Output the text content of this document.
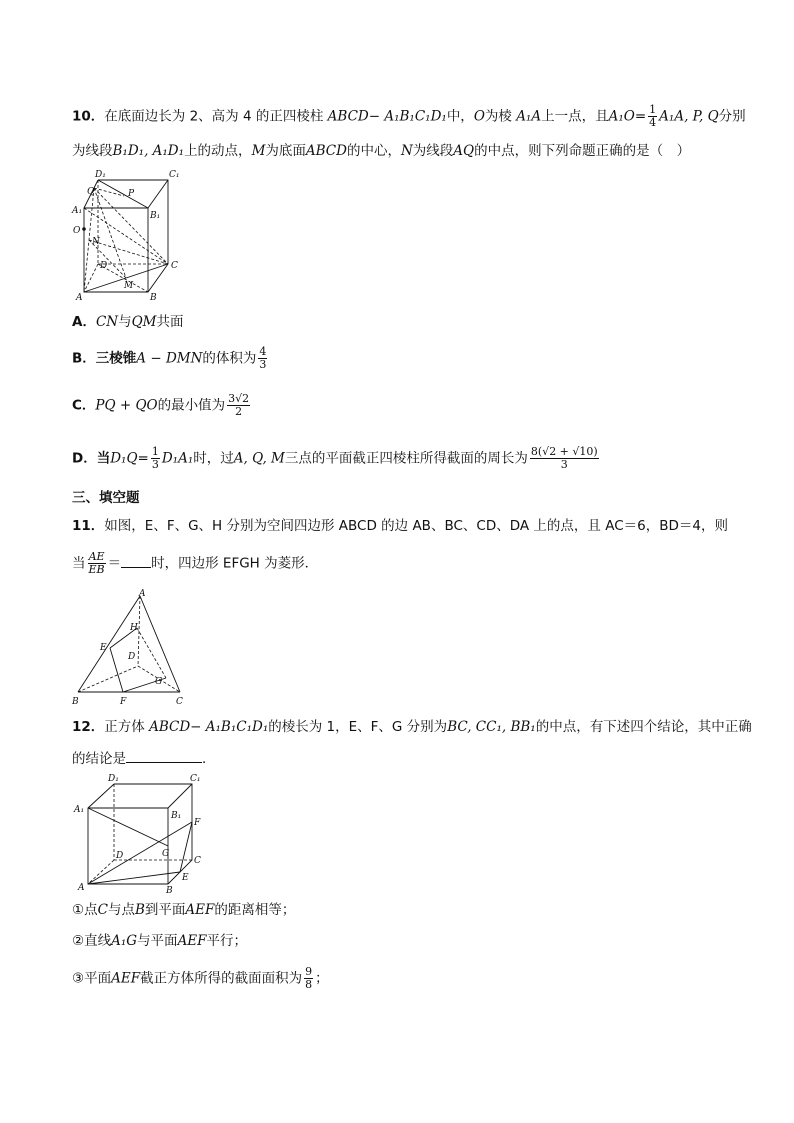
10．在底面边长为 2、高为 4 的正四棱柱 ABCD− A₁B₁C₁D₁中，O为棱 A₁A上一点，且$A_1O= \frac{1}{4} A_1A$, P, Q分别
为线段B₁D₁, A₁D₁上的动点，M为底面ABCD的中心，N为线段AQ的中点，则下列命题正确的是（　）
D₁	C₁
Q	P
A₁	B₁
O
N
D	C
M
A	B
A．CN与QM共面
B．三棱锥A − DMN的体积为 $\frac{4}{3}$
C．PQ + QO的最小值为 $\frac{3√2}{2}$
D．当$D_1Q= \frac{1}{3} D_1A_1$时，过A, Q, M三点的平面截正四棱柱所得截面的周长为 $\frac{8(√2 + √10)}{3}$
三、填空题
11．如图，E、F、G、H 分别为空间四边形 ABCD 的边 AB、BC、CD、DA 上的点，且 AC＝6，BD＝4，则
当 $\frac{AE}{EB}$ ＝ 时，四边形 EFGH 为菱形．
A
H
E
D
G
B	F	C
12．正方体 ABCD− A₁B₁C₁D₁的棱长为 1，E、F、G 分别为BC, CC₁, BB₁的中点，有下述四个结论，其中正确
的结论是	．
D₁	C₁
A₁
B₁
F
G
D	C
E
A	B
①点C与点B到平面AEF的距离相等；
②直线A₁G与平面AEF平行；
③平面AEF截正方体所得的截面面积为 $\frac{9}{8}$ ；
